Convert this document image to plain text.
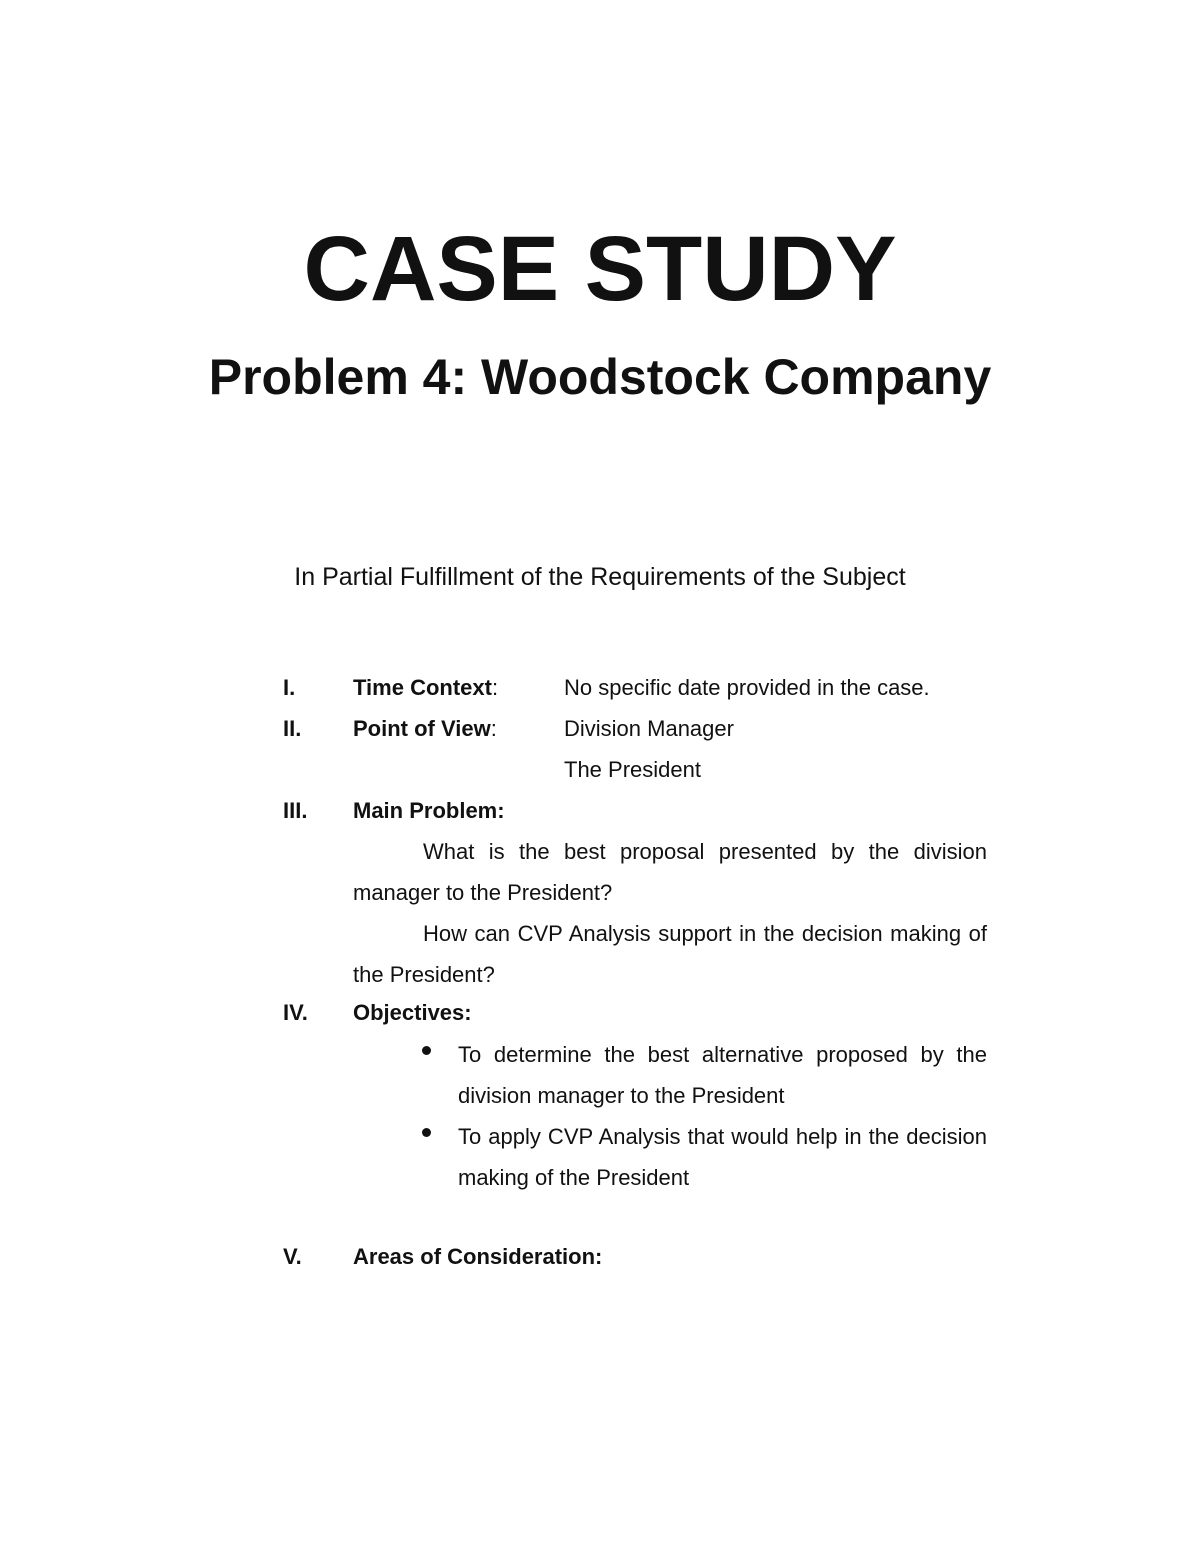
CASE STUDY
Problem 4: Woodstock Company
In Partial Fulfillment of the Requirements of the Subject
I.	Time Context:	No specific date provided in the case.
II. Point of View:	Division Manager
The President
III. Main Problem:
What is the best proposal presented by the division manager to the President?
How can CVP Analysis support in the decision making of the President?
IV. Objectives:
To determine the best alternative proposed by the division manager to the President
To apply CVP Analysis that would help in the decision making of the President
V. Areas of Consideration:
